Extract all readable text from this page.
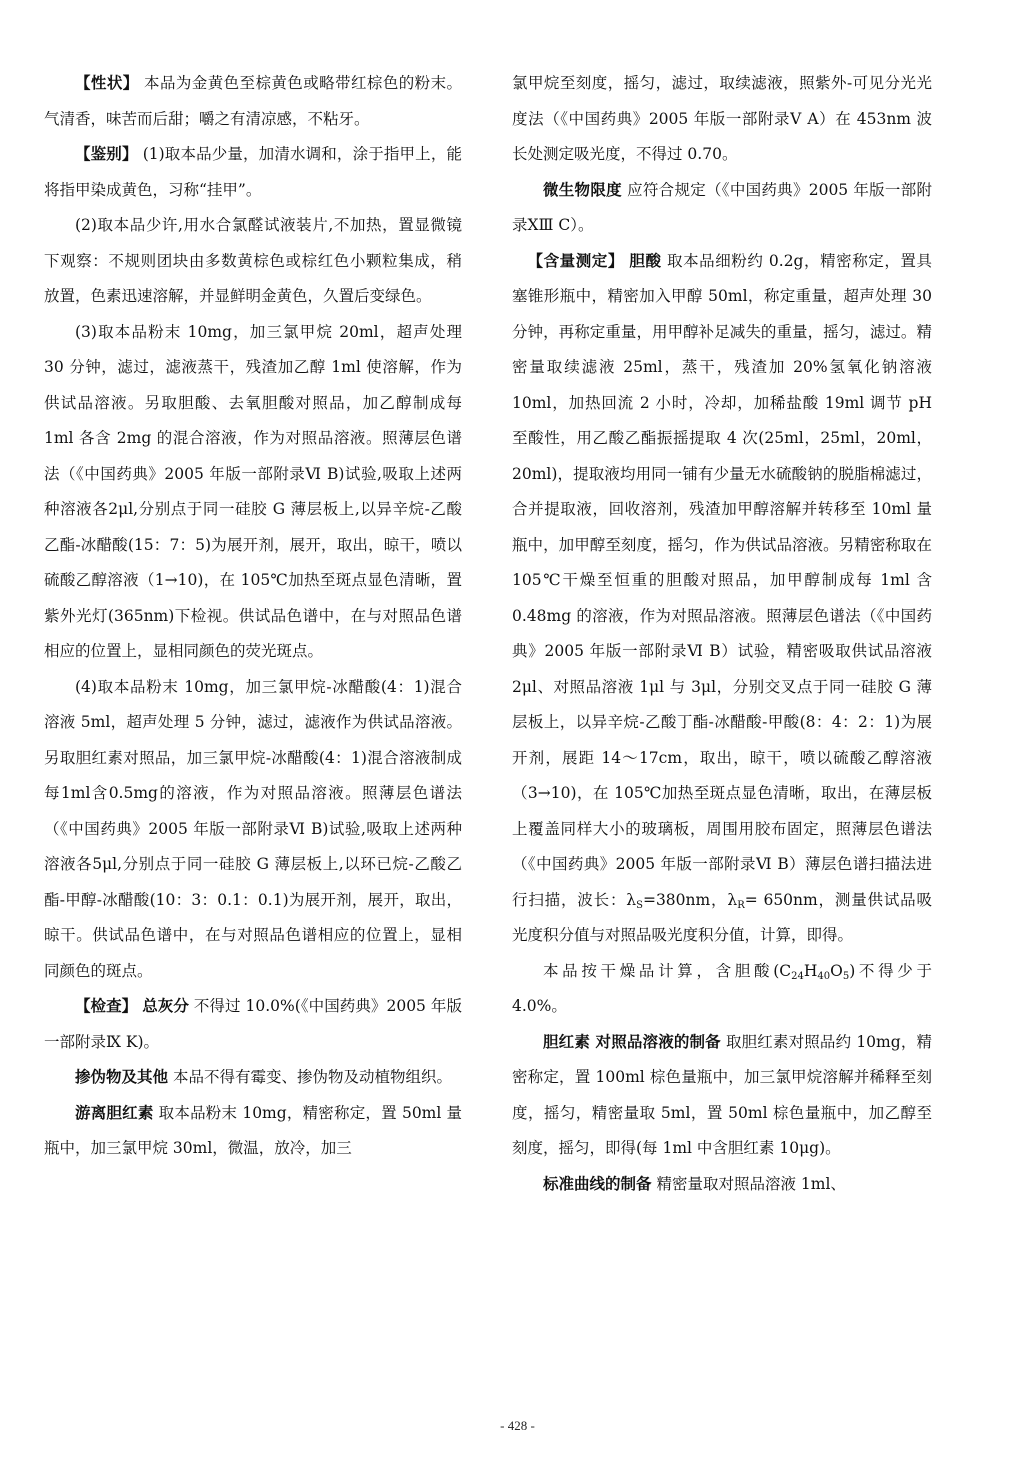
【性状】 本品为金黄色至棕黄色或略带红棕色的粉末。气清香，味苦而后甜；嚼之有清凉感，不粘牙。

【鉴别】 (1)取本品少量，加清水调和，涂于指甲上，能将指甲染成黄色，习称“挂甲”。

(2)取本品少许,用水合氯醛试液装片,不加热，置显微镜下观察：不规则团块由多数黄棕色或棕红色小颗粒集成，稍放置，色素迅速溶解，并显鲜明金黄色，久置后变绿色。

(3)取本品粉末 10mg，加三氯甲烷 20ml，超声处理 30 分钟，滤过，滤液蒸干，残渣加乙醇 1ml 使溶解，作为供试品溶液。另取胆酸、去氧胆酸对照品，加乙醇制成每 1ml 各含 2mg 的混合溶液，作为对照品溶液。照薄层色谱法（《中国药典》2005 年版一部附录Ⅵ B)试验,吸取上述两种溶液各2μl,分别点于同一硅胶 G 薄层板上,以异辛烷-乙酸乙酯-冰醋酸(15：7：5)为展开剂，展开，取出，晾干，喷以硫酸乙醇溶液（1→10)，在 105℃加热至斑点显色清晰，置紫外光灯(365nm)下检视。供试品色谱中，在与对照品色谱相应的位置上，显相同颜色的荧光斑点。

(4)取本品粉末 10mg，加三氯甲烷-冰醋酸(4：1)混合溶液 5ml，超声处理 5 分钟，滤过，滤液作为供试品溶液。另取胆红素对照品，加三氯甲烷-冰醋酸(4：1)混合溶液制成每1ml含0.5mg的溶液，作为对照品溶液。照薄层色谱法（《中国药典》2005 年版一部附录Ⅵ B)试验,吸取上述两种溶液各5μl,分别点于同一硅胶 G 薄层板上,以环已烷-乙酸乙酯-甲醇-冰醋酸(10：3：0.1：0.1)为展开剂，展开，取出，晾干。供试品色谱中，在与对照品色谱相应的位置上，显相同颜色的斑点。

【检查】 总灰分 不得过 10.0%(《中国药典》2005 年版一部附录Ⅸ K)。

掺伪物及其他 本品不得有霉变、掺伪物及动植物组织。

游离胆红素 取本品粉末 10mg，精密称定，置 50ml 量瓶中，加三氯甲烷 30ml，微温，放冷，加三

氯甲烷至刻度，摇匀，滤过，取续滤液，照紫外-可见分光光度法（《中国药典》2005 年版一部附录Ⅴ A）在 453nm 波长处测定吸光度，不得过 0.70。

微生物限度 应符合规定（《中国药典》2005 年版一部附录ⅩⅢ C）。

【含量测定】 胆酸 取本品细粉约 0.2g，精密称定，置具塞锥形瓶中，精密加入甲醇 50ml，称定重量，超声处理 30 分钟，再称定重量，用甲醇补足减失的重量，摇匀，滤过。精密量取续滤液 25ml，蒸干，残渣加 20%氢氧化钠溶液 10ml，加热回流 2 小时，冷却，加稀盐酸 19ml 调节 pH 至酸性，用乙酸乙酯振摇提取 4 次(25ml，25ml，20ml，20ml)，提取液均用同一铺有少量无水硫酸钠的脱脂棉滤过，合并提取液，回收溶剂，残渣加甲醇溶解并转移至 10ml 量瓶中，加甲醇至刻度，摇匀，作为供试品溶液。另精密称取在 105℃干燥至恒重的胆酸对照品，加甲醇制成每 1ml 含 0.48mg 的溶液，作为对照品溶液。照薄层色谱法（《中国药典》2005 年版一部附录Ⅵ B）试验，精密吸取供试品溶液 2μl、对照品溶液 1μl 与 3μl，分别交叉点于同一硅胶 G 薄层板上，以异辛烷-乙酸丁酯-冰醋酸-甲酸(8：4：2：1)为展开剂，展距 14～17cm，取出，晾干，喷以硫酸乙醇溶液（3→10)，在 105℃加热至斑点显色清晰，取出，在薄层板上覆盖同样大小的玻璃板，周围用胶布固定，照薄层色谱法（《中国药典》2005 年版一部附录Ⅵ B）薄层色谱扫描法进行扫描，波长：$\lambda_S=380nm$，$\lambda_R= 650nm$，测量供试品吸光度积分值与对照品吸光度积分值，计算，即得。

本品按干燥品计算，含胆酸$(C_{24}H_{40}O_5)$不得少于 4.0%。

胆红素 对照品溶液的制备 取胆红素对照品约 10mg，精密称定，置 100ml 棕色量瓶中，加三氯甲烷溶解并稀释至刻度，摇匀，精密量取 5ml，置 50ml 棕色量瓶中，加乙醇至刻度，摇匀，即得(每 1ml 中含胆红素 10μg)。

标准曲线的制备 精密量取对照品溶液 1ml、

- 428 -
